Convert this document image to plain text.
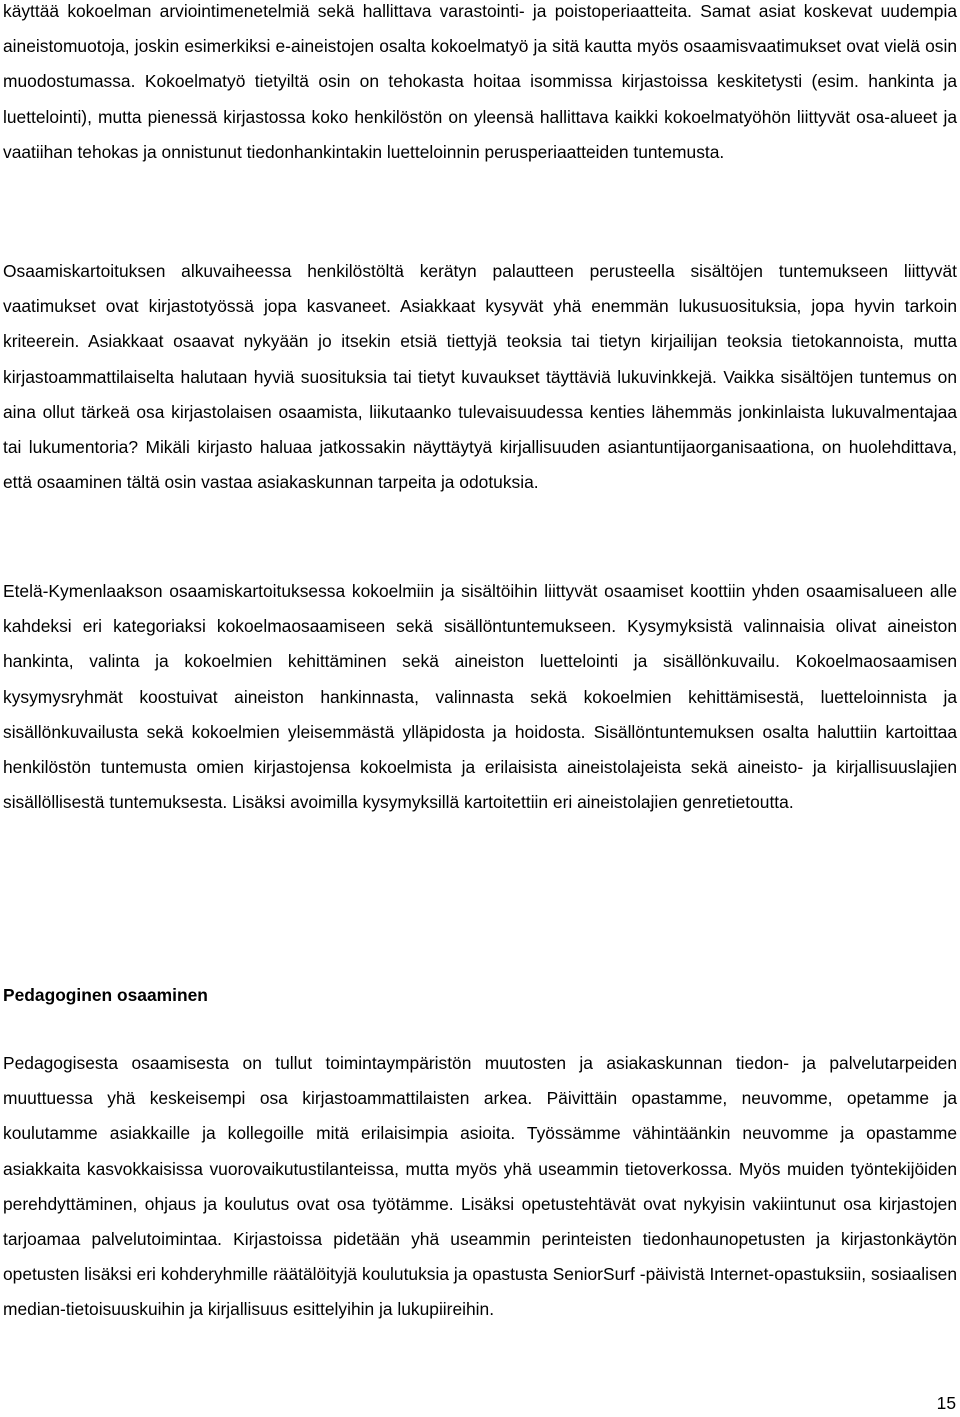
käyttää kokoelman arviointimenetelmiä sekä hallittava varastointi- ja poistoperiaatteita. Samat asiat koskevat uudempia aineistomuotoja, joskin esimerkiksi e-aineistojen osalta kokoelmatyö ja sitä kautta myös osaamisvaatimukset ovat vielä osin muodostumassa. Kokoelmatyö tietyiltä osin on tehokasta hoitaa isommissa kirjastoissa keskitetysti (esim. hankinta ja luettelointi), mutta pienessä kirjastossa koko henkilöstön on yleensä hallittava kaikki kokoelmatyöhön liittyvät osa-alueet ja vaatiihan tehokas ja onnistunut tiedonhankintakin luetteloinnin perusperiaatteiden tuntemusta.

Osaamiskartoituksen alkuvaiheessa henkilöstöltä kerätyn palautteen perusteella sisältöjen tuntemukseen liittyvät vaatimukset ovat kirjastotyössä jopa kasvaneet. Asiakkaat kysyvät yhä enemmän lukusuosituksia, jopa hyvin tarkoin kriteerein. Asiakkaat osaavat nykyään jo itsekin etsiä tiettyjä teoksia tai tietyn kirjailijan teoksia tietokannoista, mutta kirjastoammattilaiselta halutaan hyviä suosituksia tai tietyt kuvaukset täyttäviä lukuvinkkejä. Vaikka sisältöjen tuntemus on aina ollut tärkeä osa kirjastolaisen osaamista, liikutaanko tulevaisuudessa kenties lähemmäs jonkinlaista lukuvalmentajaa tai lukumentoria? Mikäli kirjasto haluaa jatkossakin näyttäytyä kirjallisuuden asiantuntijaorganisaationa, on huolehdittava, että osaaminen tältä osin vastaa asiakaskunnan tarpeita ja odotuksia.

Etelä-Kymenlaakson osaamiskartoituksessa kokoelmiin ja sisältöihin liittyvät osaamiset koottiin yhden osaamisalueen alle kahdeksi eri kategoriaksi kokoelmaosaamiseen sekä sisällöntuntemukseen. Kysymyksistä valinnaisia olivat aineiston hankinta, valinta ja kokoelmien kehittäminen sekä aineiston luettelointi ja sisällönkuvailu. Kokoelmaosaamisen kysymysryhmät koostuivat aineiston hankinnasta, valinnasta sekä kokoelmien kehittämisestä, luetteloinnista ja sisällönkuvailusta sekä kokoelmien yleisemmästä ylläpidosta ja hoidosta. Sisällöntuntemuksen osalta haluttiin kartoittaa henkilöstön tuntemusta omien kirjastojensa kokoelmista ja erilaisista aineistolajeista sekä aineisto- ja kirjallisuuslajien sisällöllisestä tuntemuksesta. Lisäksi avoimilla kysymyksillä kartoitettiin eri aineistolajien genretietoutta.

Pedagoginen osaaminen

Pedagogisesta osaamisesta on tullut toimintaympäristön muutosten ja asiakaskunnan tiedon- ja palvelutarpeiden muuttuessa yhä keskeisempi osa kirjastoammattilaisten arkea. Päivittäin opastamme, neuvomme, opetamme ja koulutamme asiakkaille ja kollegoille mitä erilaisimpia asioita. Työssämme vähintäänkin neuvomme ja opastamme asiakkaita kasvokkaisissa vuorovaikutustilanteissa, mutta myös yhä useammin tietoverkossa. Myös muiden työntekijöiden perehdyttäminen, ohjaus ja koulutus ovat osa työtämme. Lisäksi opetustehtävät ovat nykyisin vakiintunut osa kirjastojen tarjoamaa palvelutoimintaa. Kirjastoissa pidetään yhä useammin perinteisten tiedonhaunopetusten ja kirjastonkäytön opetusten lisäksi eri kohderyhmille räätälöityjä koulutuksia ja opastusta SeniorSurf -päivistä Internet-opastuksiin, sosiaalisen median-tietoisuuskuihin ja kirjallisuus esittelyihin ja lukupiireihin.

15
